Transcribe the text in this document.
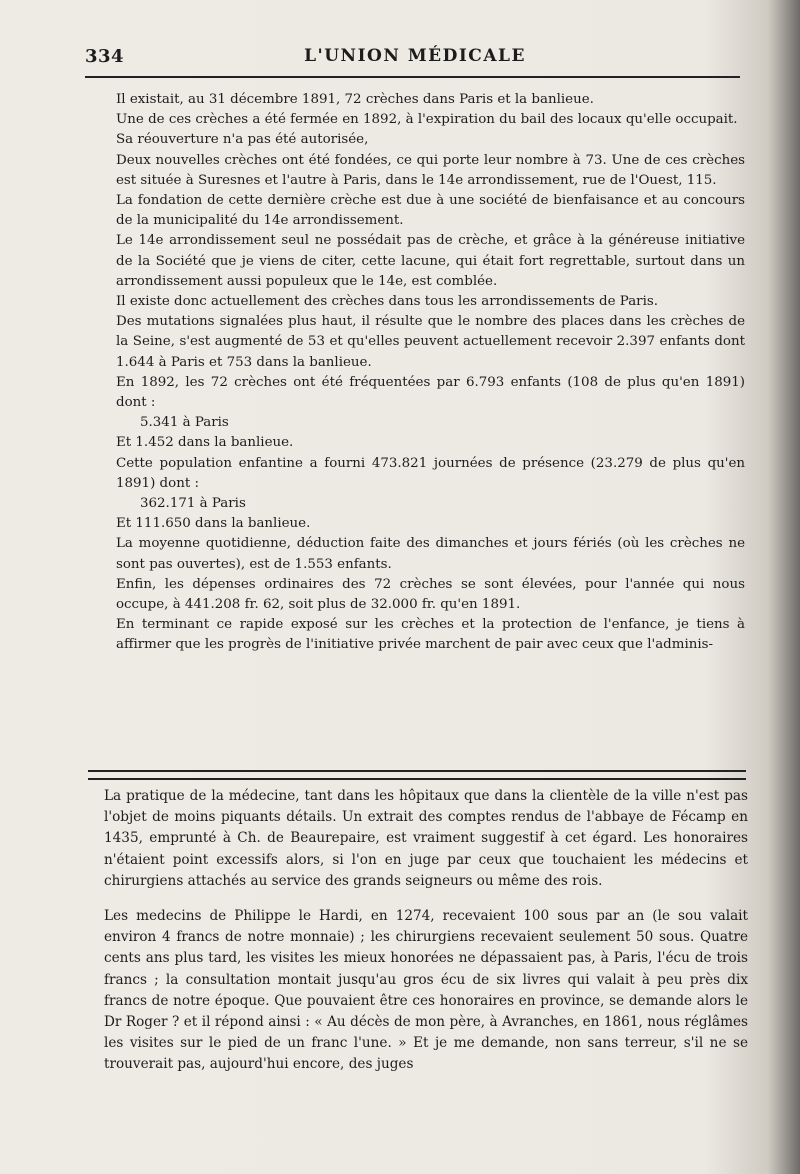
334	L'UNION MÉDICALE

Il existait, au 31 décembre 1891, 72 crèches dans Paris et la banlieue.

Une de ces crèches a été fermée en 1892, à l'expiration du bail des locaux qu'elle occupait.

Sa réouverture n'a pas été autorisée,

Deux nouvelles crèches ont été fondées, ce qui porte leur nombre à 73. Une de ces crèches est située à Suresnes et l'autre à Paris, dans le 14e arrondissement, rue de l'Ouest, 115.

La fondation de cette dernière crèche est due à une société de bienfaisance et au concours de la municipalité du 14e arrondissement.

Le 14e arrondissement seul ne possédait pas de crèche, et grâce à la généreuse initiative de la Société que je viens de citer, cette lacune, qui était fort regrettable, surtout dans un arrondissement aussi populeux que le 14e, est comblée.

Il existe donc actuellement des crèches dans tous les arrondissements de Paris.

Des mutations signalées plus haut, il résulte que le nombre des places dans les crèches de la Seine, s'est augmenté de 53 et qu'elles peuvent actuellement recevoir 2.397 enfants dont 1.644 à Paris et 753 dans la banlieue.

En 1892, les 72 crèches ont été fréquentées par 6.793 enfants (108 de plus qu'en 1891) dont :

5.341 à Paris

Et 1.452 dans la banlieue.

Cette population enfantine a fourni 473.821 journées de présence (23.279 de plus qu'en 1891) dont :

362.171 à Paris

Et 111.650 dans la banlieue.

La moyenne quotidienne, déduction faite des dimanches et jours fériés (où les crèches ne sont pas ouvertes), est de 1.553 enfants.

Enfin, les dépenses ordinaires des 72 crèches se sont élevées, pour l'année qui nous occupe, à 441.208 fr. 62, soit plus de 32.000 fr. qu'en 1891.

En terminant ce rapide exposé sur les crèches et la protection de l'enfance, je tiens à affirmer que les progrès de l'initiative privée marchent de pair avec ceux que l'adminis-

La pratique de la médecine, tant dans les hôpitaux que dans la clientèle de la ville n'est pas l'objet de moins piquants détails. Un extrait des comptes rendus de l'abbaye de Fécamp en 1435, emprunté à Ch. de Beaurepaire, est vraiment suggestif à cet égard. Les honoraires n'étaient point excessifs alors, si l'on en juge par ceux que touchaient les médecins et chirurgiens attachés au service des grands seigneurs ou même des rois.

Les medecins de Philippe le Hardi, en 1274, recevaient 100 sous par an (le sou valait environ 4 francs de notre monnaie) ; les chirurgiens recevaient seulement 50 sous. Quatre cents ans plus tard, les visites les mieux honorées ne dépassaient pas, à Paris, l'écu de trois francs ; la consultation montait jusqu'au gros écu de six livres qui valait à peu près dix francs de notre époque. Que pouvaient être ces honoraires en province, se demande alors le Dr Roger ? et il répond ainsi : « Au décès de mon père, à Avranches, en 1861, nous réglâmes les visites sur le pied de un franc l'une. » Et je me demande, non sans terreur, s'il ne se trouverait pas, aujourd'hui encore, des juges
